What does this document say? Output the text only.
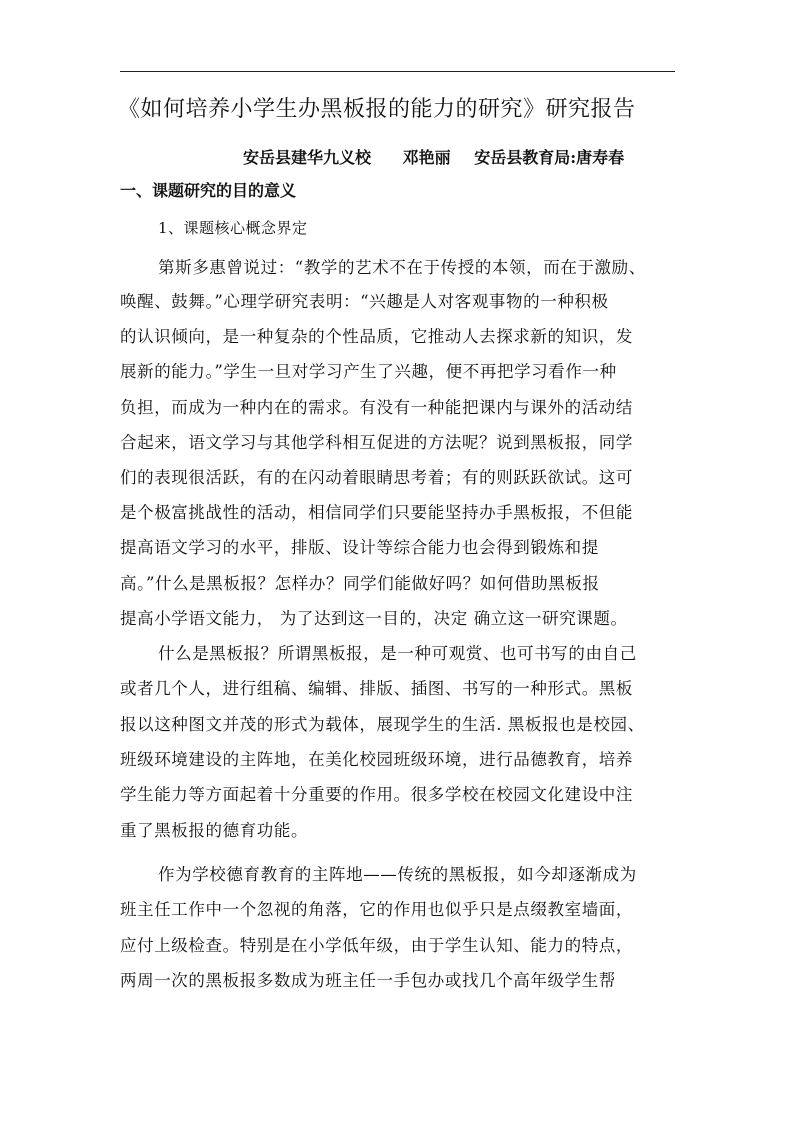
《如何培养小学生办黑板报的能力的研究》研究报告
安岳县建华九义校 邓艳丽 安岳县教育局:唐寿春
一、课题研究的目的意义
1、课题核心概念界定
第斯多惠曾说过：“教学的艺术不在于传授的本领，而在于激励、
唤醒、鼓舞。”心理学研究表明：“兴趣是人对客观事物的一种积极
的认识倾向，是一种复杂的个性品质，它推动人去探求新的知识，发
展新的能力。”学生一旦对学习产生了兴趣，便不再把学习看作一种
负担，而成为一种内在的需求。有没有一种能把课内与课外的活动结
合起来，语文学习与其他学科相互促进的方法呢？说到黑板报，同学
们的表现很活跃，有的在闪动着眼睛思考着；有的则跃跃欲试。这可
是个极富挑战性的活动，相信同学们只要能坚持办手黑板报，不但能
提高语文学习的水平，排版、设计等综合能力也会得到锻炼和提
高。”什么是黑板报？怎样办？同学们能做好吗？如何借助黑板报
提高小学语文能力， 为了达到这一目的，决定 确立这一研究课题。
什么是黑板报？所谓黑板报，是一种可观赏、也可书写的由自己
或者几个人，进行组稿、编辑、排版、插图、书写的一种形式。黑板
报以这种图文并茂的形式为载体，展现学生的生活. 黑板报也是校园、
班级环境建设的主阵地，在美化校园班级环境，进行品德教育，培养
学生能力等方面起着十分重要的作用。很多学校在校园文化建设中注
重了黑板报的德育功能。
作为学校德育教育的主阵地——传统的黑板报，如今却逐渐成为
班主任工作中一个忽视的角落，它的作用也似乎只是点缀教室墙面，
应付上级检查。特别是在小学低年级，由于学生认知、能力的特点，
两周一次的黑板报多数成为班主任一手包办或找几个高年级学生帮
